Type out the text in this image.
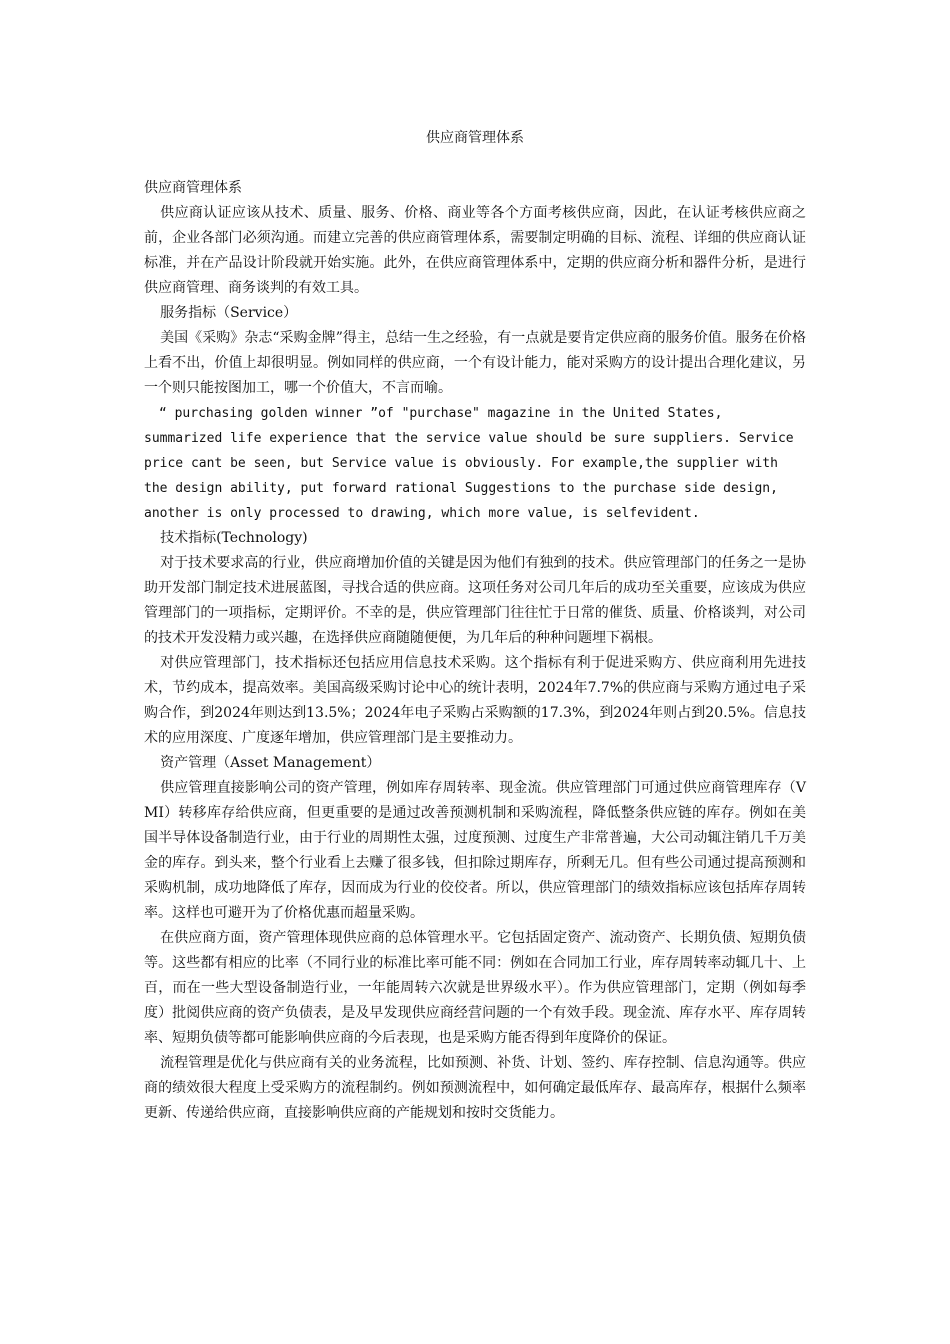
供应商管理体系

供应商管理体系

供应商认证应该从技术、质量、服务、价格、商业等各个方面考核供应商，因此，在认证考核供应商之前，企业各部门必须沟通。而建立完善的供应商管理体系，需要制定明确的目标、流程、详细的供应商认证标准，并在产品设计阶段就开始实施。此外，在供应商管理体系中，定期的供应商分析和器件分析，是进行供应商管理、商务谈判的有效工具。

服务指标（Service）

美国《采购》杂志“采购金牌”得主，总结一生之经验，有一点就是要肯定供应商的服务价值。服务在价格上看不出，价值上却很明显。例如同样的供应商，一个有设计能力，能对采购方的设计提出合理化建议，另一个则只能按图加工，哪一个价值大，不言而喻。

“ purchasing golden winner ”of "purchase" magazine in the United States, summarized life experience that the service value should be sure suppliers. Service price cant be seen, but Service value is obviously. For example,the supplier with the design ability, put forward rational Suggestions to the purchase side design, another is only processed to drawing, which more value, is selfevident.

技术指标(Technology)

对于技术要求高的行业，供应商增加价值的关键是因为他们有独到的技术。供应管理部门的任务之一是协助开发部门制定技术进展蓝图，寻找合适的供应商。这项任务对公司几年后的成功至关重要，应该成为供应管理部门的一项指标，定期评价。不幸的是，供应管理部门往往忙于日常的催货、质量、价格谈判，对公司的技术开发没精力或兴趣，在选择供应商随随便便，为几年后的种种问题埋下祸根。

对供应管理部门，技术指标还包括应用信息技术采购。这个指标有利于促进采购方、供应商利用先进技术，节约成本，提高效率。美国高级采购讨论中心的统计表明，2024年7.7%的供应商与采购方通过电子采购合作，到2024年则达到13.5%；2024年电子采购占采购额的17.3%，到2024年则占到20.5%。信息技术的应用深度、广度逐年增加，供应管理部门是主要推动力。

资产管理（Asset Management）

供应管理直接影响公司的资产管理，例如库存周转率、现金流。供应管理部门可通过供应商管理库存（VMI）转移库存给供应商，但更重要的是通过改善预测机制和采购流程，降低整条供应链的库存。例如在美国半导体设备制造行业，由于行业的周期性太强，过度预测、过度生产非常普遍，大公司动辄注销几千万美金的库存。到头来，整个行业看上去赚了很多钱，但扣除过期库存，所剩无几。但有些公司通过提高预测和采购机制，成功地降低了库存，因而成为行业的佼佼者。所以，供应管理部门的绩效指标应该包括库存周转率。这样也可避开为了价格优惠而超量采购。

在供应商方面，资产管理体现供应商的总体管理水平。它包括固定资产、流动资产、长期负债、短期负债等。这些都有相应的比率（不同行业的标准比率可能不同：例如在合同加工行业，库存周转率动辄几十、上百，而在一些大型设备制造行业，一年能周转六次就是世界级水平）。作为供应管理部门，定期（例如每季度）批阅供应商的资产负债表，是及早发现供应商经营问题的一个有效手段。现金流、库存水平、库存周转率、短期负债等都可能影响供应商的今后表现，也是采购方能否得到年度降价的保证。

流程管理是优化与供应商有关的业务流程，比如预测、补货、计划、签约、库存控制、信息沟通等。供应商的绩效很大程度上受采购方的流程制约。例如预测流程中，如何确定最低库存、最高库存，根据什么频率更新、传递给供应商，直接影响供应商的产能规划和按时交货能力。
